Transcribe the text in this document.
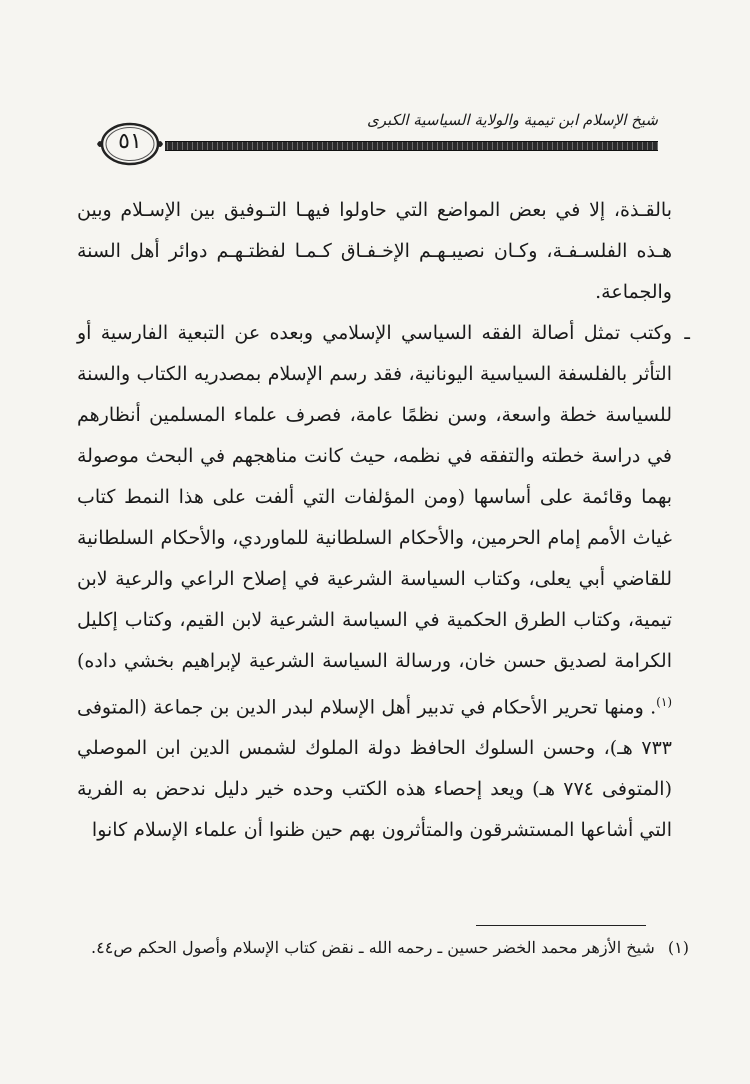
شيخ الإسلام ابن تيمية والولاية السياسية الكبرى
٥١

بالقـذة، إلا في بعض المواضع التي حاولوا فيهـا التـوفيق بين الإسـلام وبين هـذه الفلسـفـة، وكـان نصيبـهـم الإخـفـاق كـمـا لفظتـهـم دوائر أهل السنة والجماعة.

ـ
وكتب تمثل أصالة الفقه السياسي الإسلامي وبعده عن التبعية الفارسية أو التأثر بالفلسفة السياسية اليونانية، فقد رسم الإسلام بمصدريه الكتاب والسنة للسياسة خطة واسعة، وسن نظمًا عامة، فصرف علماء المسلمين أنظارهم في دراسة خطته والتفقه في نظمه، حيث كانت مناهجهم في البحث موصولة بهما وقائمة على أساسها (ومن المؤلفات التي ألفت على هذا النمط كتاب غياث الأمم إمام الحرمين، والأحكام السلطانية للماوردي، والأحكام السلطانية للقاضي أبي يعلى، وكتاب السياسة الشرعية في إصلاح الراعي والرعية لابن تيمية، وكتاب الطرق الحكمية في السياسة الشرعية لابن القيم، وكتاب إكليل الكرامة لصديق حسن خان، ورسالة السياسة الشرعية لإبراهيم بخشي داده)$^{(١)}$. ومنها تحرير الأحكام في تدبير أهل الإسلام لبدر الدين بن جماعة (المتوفى ٧٣٣ هـ)، وحسن السلوك الحافظ دولة الملوك لشمس الدين ابن الموصلي (المتوفى ٧٧٤ هـ) ويعد إحصاء هذه الكتب وحده خير دليل ندحض به الفرية التي أشاعها المستشرقون والمتأثرون بهم حين ظنوا أن علماء الإسلام كانوا

(١) شيخ الأزهر محمد الخضر حسين ـ رحمه الله ـ نقض كتاب الإسلام وأصول الحكم ص٤٤.
